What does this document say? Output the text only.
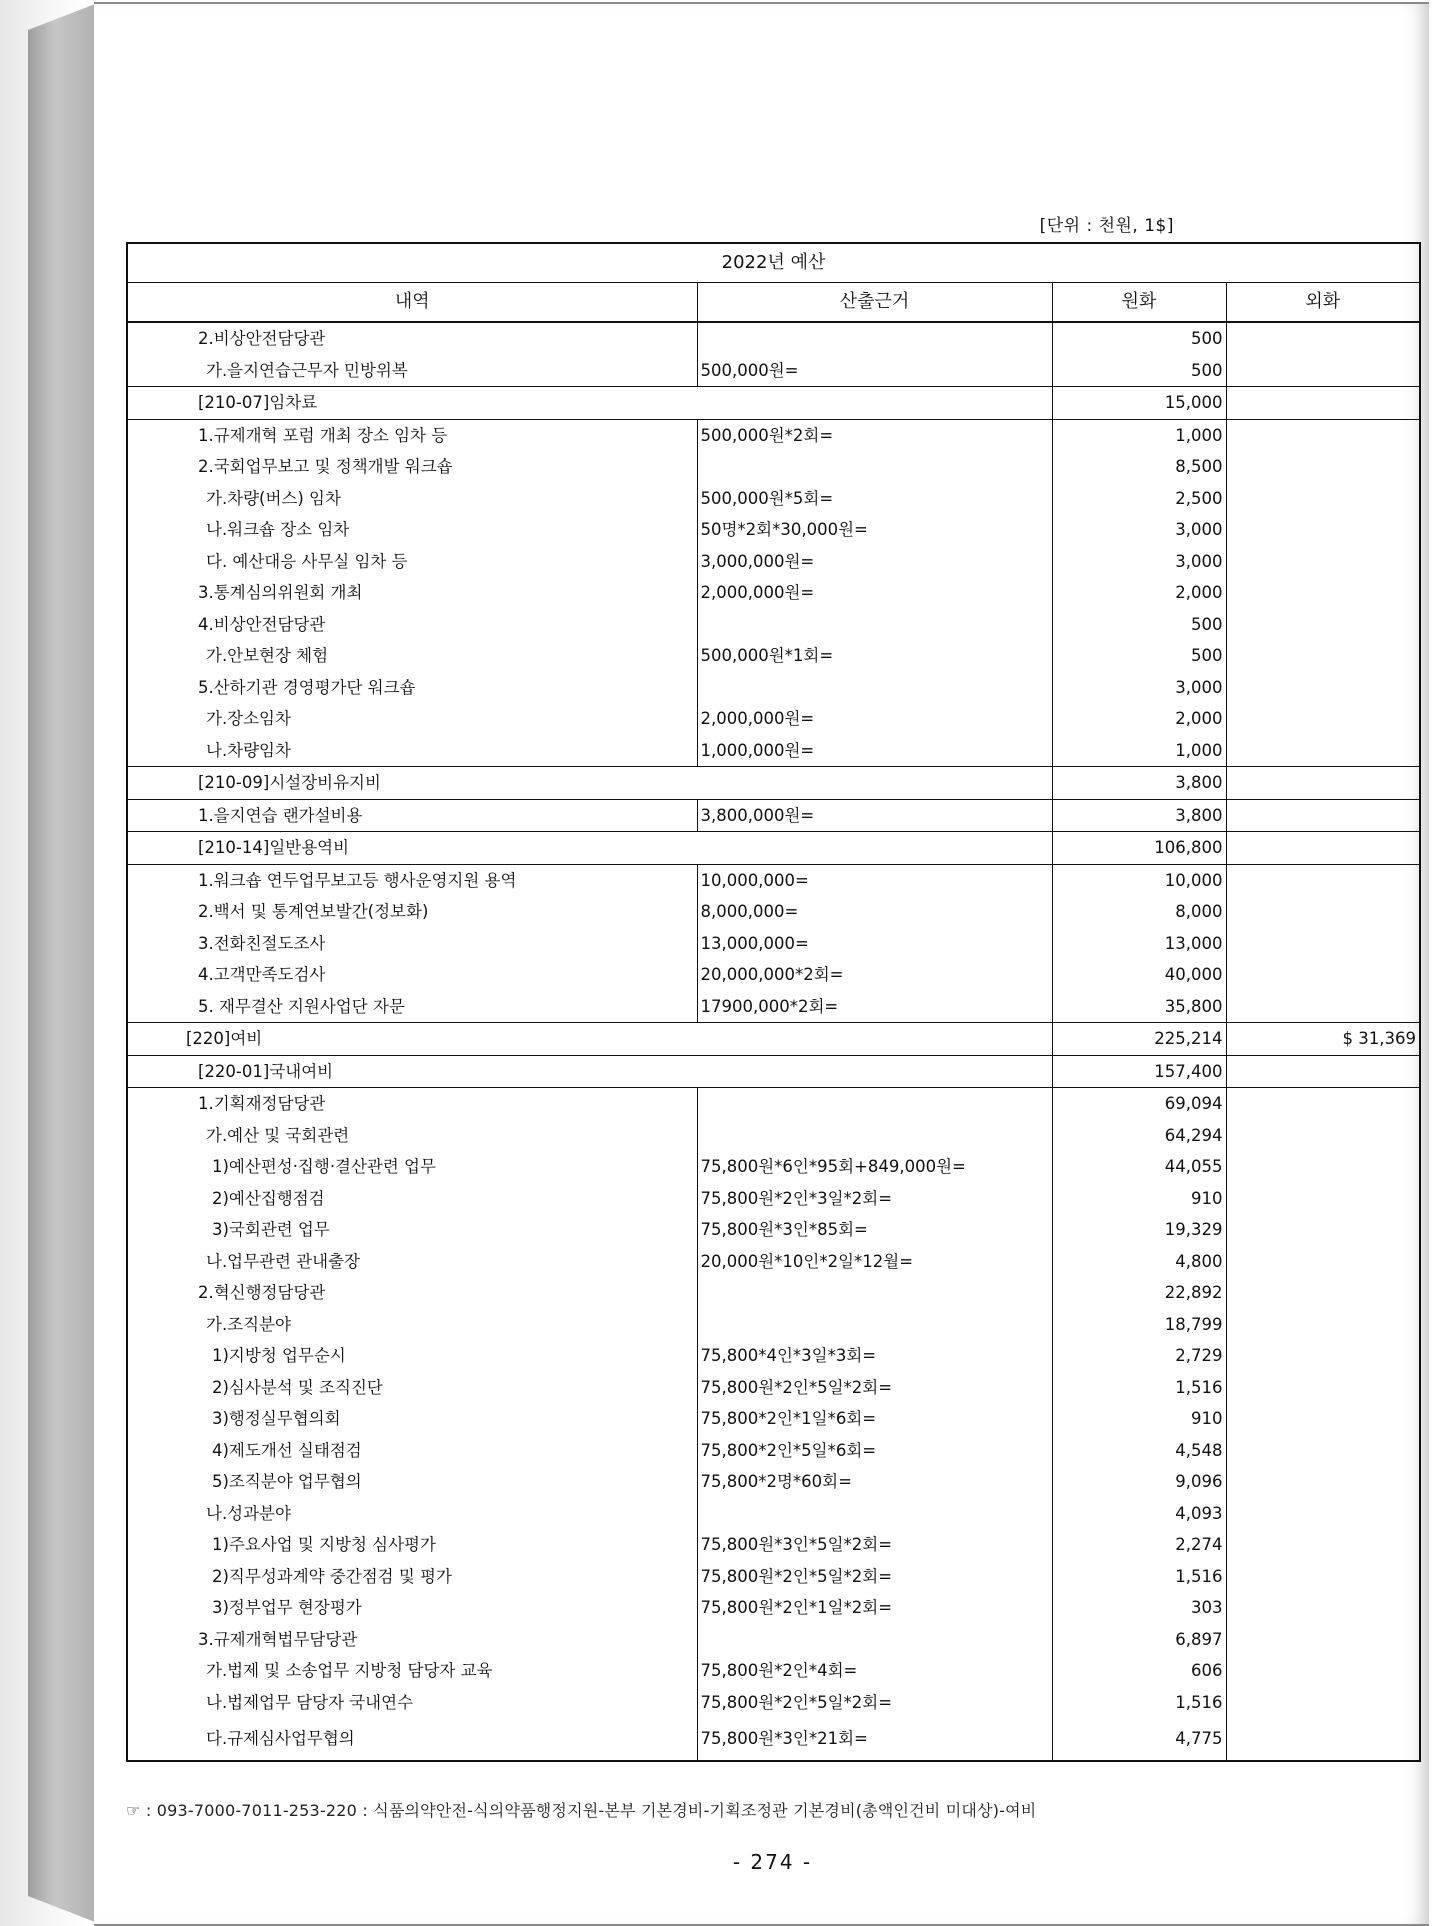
[단위 : 천원, 1$]
2022년 예산			
내역	산출근거	원화	외화
2.비상안전담당관		500	
가.을지연습근무자 민방위복	500,000원=	500	
[210-07]임차료		15,000	
1.규제개혁 포럼 개최 장소 임차 등	500,000원*2회=	1,000	
2.국회업무보고 및 정책개발 워크숍		8,500	
가.차량(버스) 임차	500,000원*5회=	2,500	
나.워크숍 장소 임차	50명*2회*30,000원=	3,000	
다. 예산대응 사무실 임차 등	3,000,000원=	3,000	
3.통계심의위원회 개최	2,000,000원=	2,000	
4.비상안전담당관		500	
가.안보현장 체험	500,000원*1회=	500	
5.산하기관 경영평가단 워크숍		3,000	
가.장소임차	2,000,000원=	2,000	
나.차량임차	1,000,000원=	1,000	
[210-09]시설장비유지비		3,800	
1.을지연습 랜가설비용	3,800,000원=	3,800	
[210-14]일반용역비		106,800	
1.워크숍 연두업무보고등 행사운영지원 용역	10,000,000=	10,000	
2.백서 및 통계연보발간(정보화)	8,000,000=	8,000	
3.전화친절도조사	13,000,000=	13,000	
4.고객만족도검사	20,000,000*2회=	40,000	
5. 재무결산 지원사업단 자문	17900,000*2회=	35,800	
[220]여비		225,214	$ 31,369
[220-01]국내여비		157,400	
1.기획재정담당관		69,094	
가.예산 및 국회관련		64,294	
1)예산편성·집행·결산관련 업무	75,800원*6인*95회+849,000원=	44,055	
2)예산집행점검	75,800원*2인*3일*2회=	910	
3)국회관련 업무	75,800원*3인*85회=	19,329	
나.업무관련 관내출장	20,000원*10인*2일*12월=	4,800	
2.혁신행정담당관		22,892	
가.조직분야		18,799	
1)지방청 업무순시	75,800*4인*3일*3회=	2,729	
2)심사분석 및 조직진단	75,800원*2인*5일*2회=	1,516	
3)행정실무협의회	75,800*2인*1일*6회=	910	
4)제도개선 실태점검	75,800*2인*5일*6회=	4,548	
5)조직분야 업무협의	75,800*2명*60회=	9,096	
나.성과분야		4,093	
1)주요사업 및 지방청 심사평가	75,800원*3인*5일*2회=	2,274	
2)직무성과계약 중간점검 및 평가	75,800원*2인*5일*2회=	1,516	
3)정부업무 현장평가	75,800원*2인*1일*2회=	303	
3.규제개혁법무담당관		6,897	
가.법제 및 소송업무 지방청 담당자 교육	75,800원*2인*4회=	606	
나.법제업무 담당자 국내연수	75,800원*2인*5일*2회=	1,516	
다.규제심사업무협의	75,800원*3인*21회=	4,775	
☞ : 093-7000-7011-253-220 : 식품의약안전-식의약품행정지원-본부 기본경비-기획조정관 기본경비(총액인건비 미대상)-여비
- 274 -
